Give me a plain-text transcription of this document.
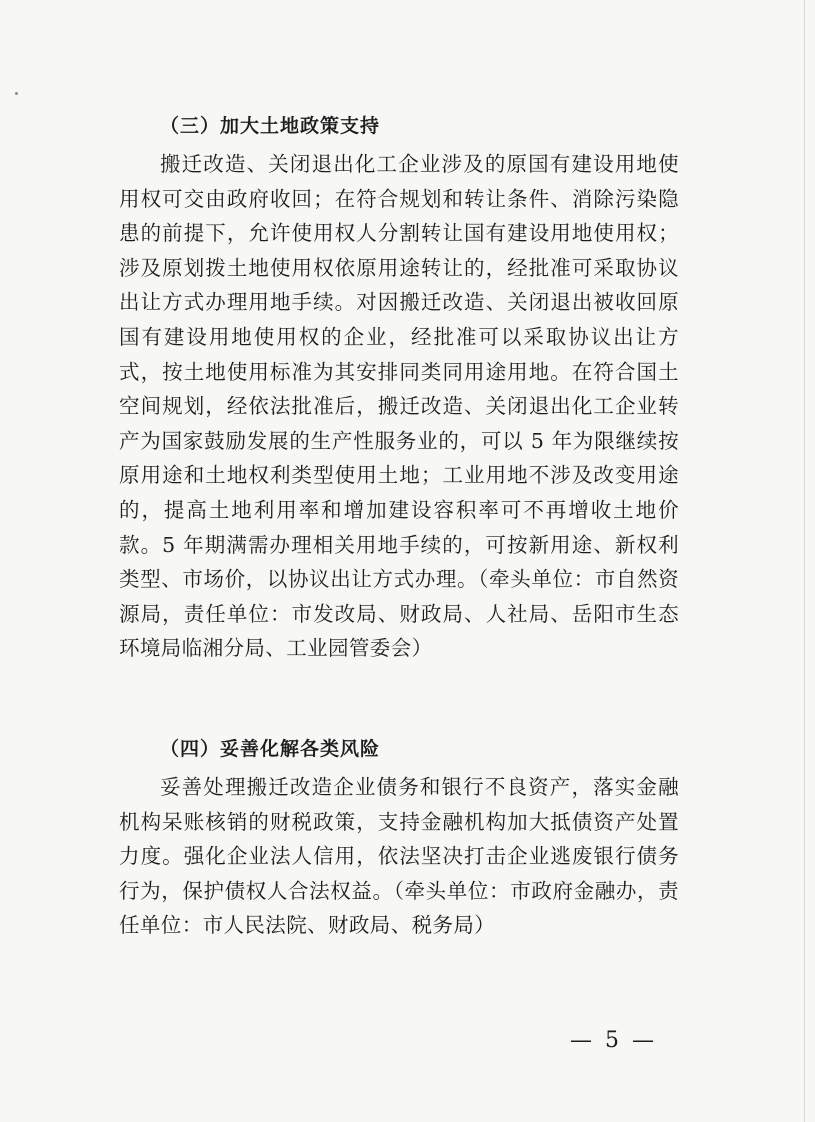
（三）加大土地政策支持

搬迁改造、关闭退出化工企业涉及的原国有建设用地使用权可交由政府收回；在符合规划和转让条件、消除污染隐患的前提下，允许使用权人分割转让国有建设用地使用权；涉及原划拨土地使用权依原用途转让的，经批准可采取协议出让方式办理用地手续。对因搬迁改造、关闭退出被收回原国有建设用地使用权的企业，经批准可以采取协议出让方式，按土地使用标准为其安排同类同用途用地。在符合国土空间规划，经依法批准后，搬迁改造、关闭退出化工企业转产为国家鼓励发展的生产性服务业的，可以 5 年为限继续按原用途和土地权利类型使用土地；工业用地不涉及改变用途的，提高土地利用率和增加建设容积率可不再增收土地价款。5 年期满需办理相关用地手续的，可按新用途、新权利类型、市场价，以协议出让方式办理。（牵头单位：市自然资源局，责任单位：市发改局、财政局、人社局、岳阳市生态环境局临湘分局、工业园管委会）

（四）妥善化解各类风险

妥善处理搬迁改造企业债务和银行不良资产，落实金融机构呆账核销的财税政策，支持金融机构加大抵债资产处置力度。强化企业法人信用，依法坚决打击企业逃废银行债务行为，保护债权人合法权益。（牵头单位：市政府金融办，责任单位：市人民法院、财政局、税务局）

— 5 —
